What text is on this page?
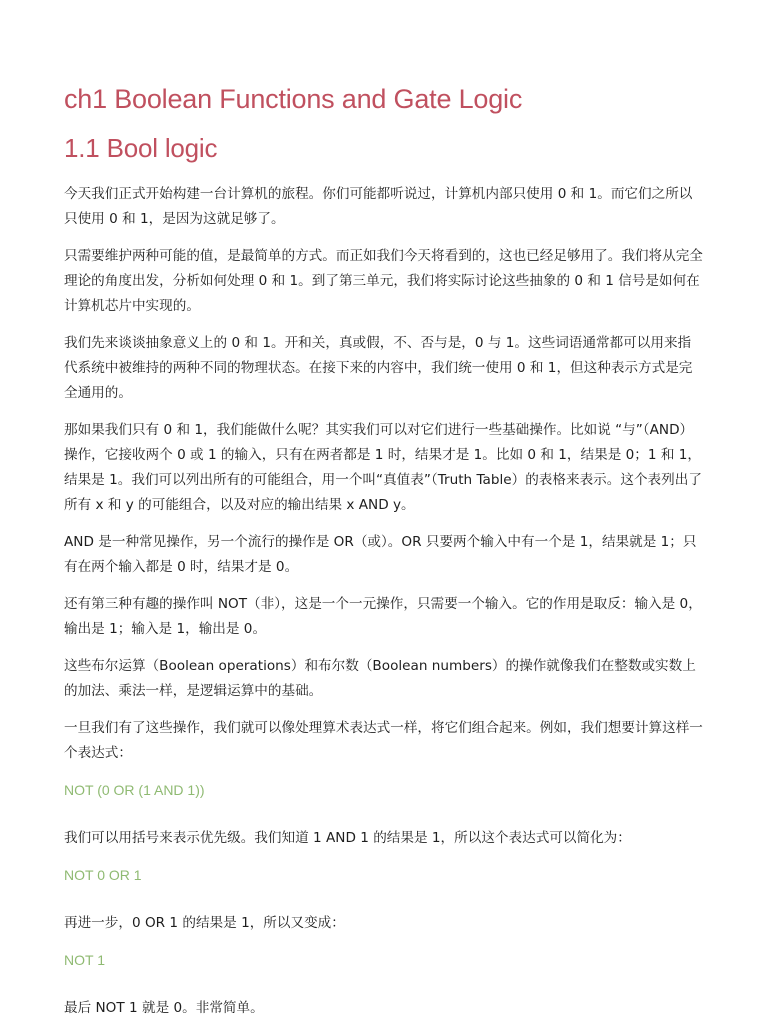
ch1 Boolean Functions and Gate Logic
1.1 Bool logic

今天我们正式开始构建一台计算机的旅程。你们可能都听说过，计算机内部只使用 0 和 1。而它们之所以只使用 0 和 1，是因为这就足够了。

只需要维护两种可能的值，是最简单的方式。而正如我们今天将看到的，这也已经足够用了。我们将从完全理论的角度出发，分析如何处理 0 和 1。到了第三单元，我们将实际讨论这些抽象的 0 和 1 信号是如何在计算机芯片中实现的。

我们先来谈谈抽象意义上的 0 和 1。开和关，真或假，不、否与是，0 与 1。这些词语通常都可以用来指代系统中被维持的两种不同的物理状态。在接下来的内容中，我们统一使用 0 和 1，但这种表示方式是完全通用的。

那如果我们只有 0 和 1，我们能做什么呢？其实我们可以对它们进行一些基础操作。比如说 “与”（AND）操作，它接收两个 0 或 1 的输入，只有在两者都是 1 时，结果才是 1。比如 0 和 1，结果是 0；1 和 1，结果是 1。我们可以列出所有的可能组合，用一个叫“真值表”（Truth Table）的表格来表示。这个表列出了所有 x 和 y 的可能组合，以及对应的输出结果 x AND y。

AND 是一种常见操作，另一个流行的操作是 OR（或）。OR 只要两个输入中有一个是 1，结果就是 1；只有在两个输入都是 0 时，结果才是 0。

还有第三种有趣的操作叫 NOT（非），这是一个一元操作，只需要一个输入。它的作用是取反：输入是 0，输出是 1；输入是 1，输出是 0。

这些布尔运算（Boolean operations）和布尔数（Boolean numbers）的操作就像我们在整数或实数上的加法、乘法一样，是逻辑运算中的基础。

一旦我们有了这些操作，我们就可以像处理算术表达式一样，将它们组合起来。例如，我们想要计算这样一个表达式：

NOT (0 OR (1 AND 1))

我们可以用括号来表示优先级。我们知道 1 AND 1 的结果是 1，所以这个表达式可以简化为：

NOT 0 OR 1

再进一步，0 OR 1 的结果是 1，所以又变成：

NOT 1

最后 NOT 1 就是 0。非常简单。
